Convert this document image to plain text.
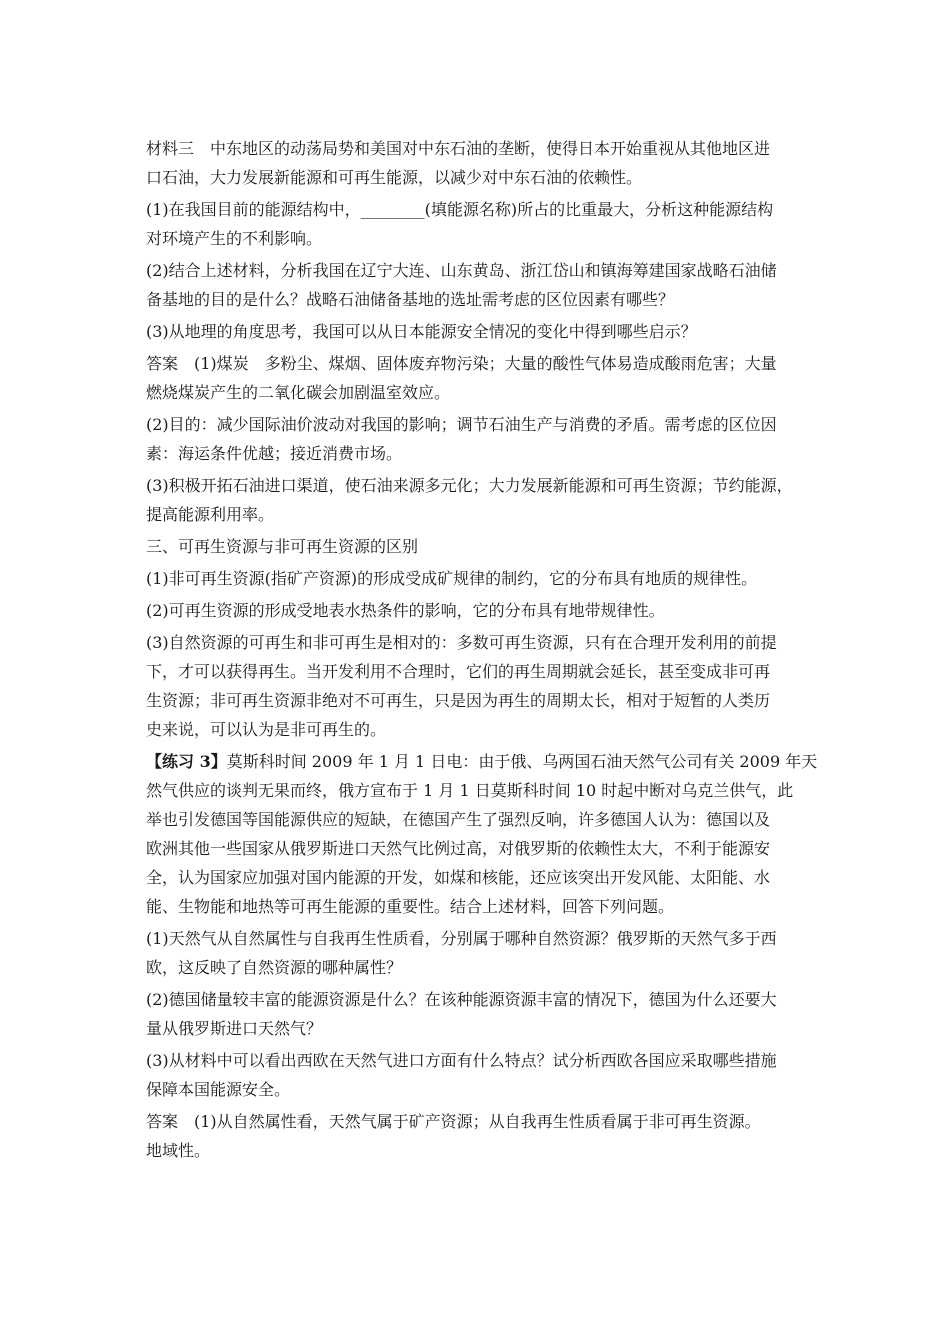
材料三　中东地区的动荡局势和美国对中东石油的垄断，使得日本开始重视从其他地区进
口石油，大力发展新能源和可再生能源，以减少对中东石油的依赖性。
(1)在我国目前的能源结构中，________(填能源名称)所占的比重最大，分析这种能源结构
对环境产生的不利影响。
(2)结合上述材料，分析我国在辽宁大连、山东黄岛、浙江岱山和镇海筹建国家战略石油储
备基地的目的是什么？战略石油储备基地的选址需考虑的区位因素有哪些？
(3)从地理的角度思考，我国可以从日本能源安全情况的变化中得到哪些启示？
答案　(1)煤炭　多粉尘、煤烟、固体废弃物污染；大量的酸性气体易造成酸雨危害；大量
燃烧煤炭产生的二氧化碳会加剧温室效应。
(2)目的：减少国际油价波动对我国的影响；调节石油生产与消费的矛盾。需考虑的区位因
素：海运条件优越；接近消费市场。
(3)积极开拓石油进口渠道，使石油来源多元化；大力发展新能源和可再生资源；节约能源，
提高能源利用率。
三、可再生资源与非可再生资源的区别
(1)非可再生资源(指矿产资源)的形成受成矿规律的制约，它的分布具有地质的规律性。
(2)可再生资源的形成受地表水热条件的影响，它的分布具有地带规律性。
(3)自然资源的可再生和非可再生是相对的：多数可再生资源，只有在合理开发利用的前提
下，才可以获得再生。当开发利用不合理时，它们的再生周期就会延长，甚至变成非可再
生资源；非可再生资源非绝对不可再生，只是因为再生的周期太长，相对于短暂的人类历
史来说，可以认为是非可再生的。
【练习 3】莫斯科时间 2009 年 1 月 1 日电：由于俄、乌两国石油天然气公司有关 2009 年天
然气供应的谈判无果而终，俄方宣布于 1 月 1 日莫斯科时间 10 时起中断对乌克兰供气，此
举也引发德国等国能源供应的短缺，在德国产生了强烈反响，许多德国人认为：德国以及
欧洲其他一些国家从俄罗斯进口天然气比例过高，对俄罗斯的依赖性太大，不利于能源安
全，认为国家应加强对国内能源的开发，如煤和核能，还应该突出开发风能、太阳能、水
能、生物能和地热等可再生能源的重要性。结合上述材料，回答下列问题。
(1)天然气从自然属性与自我再生性质看，分别属于哪种自然资源？俄罗斯的天然气多于西
欧，这反映了自然资源的哪种属性？
(2)德国储量较丰富的能源资源是什么？在该种能源资源丰富的情况下，德国为什么还要大
量从俄罗斯进口天然气？
(3)从材料中可以看出西欧在天然气进口方面有什么特点？试分析西欧各国应采取哪些措施
保障本国能源安全。
答案　(1)从自然属性看，天然气属于矿产资源；从自我再生性质看属于非可再生资源。
地域性。
